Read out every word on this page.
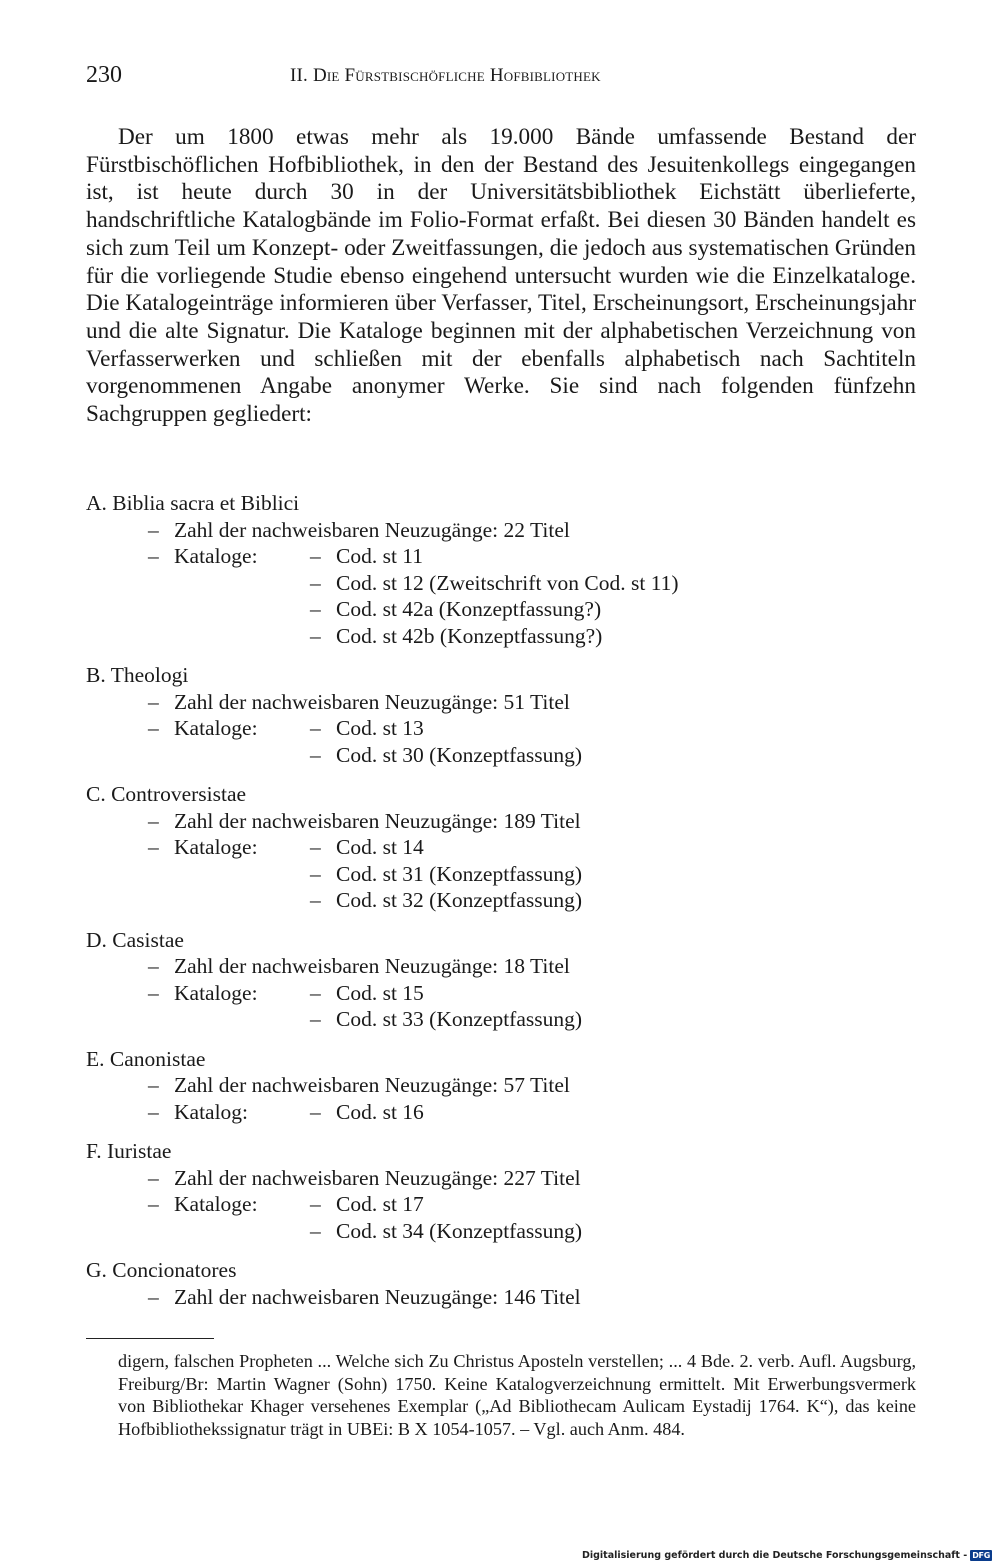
230	II. Die Fürstbischöfliche Hofbibliothek

Der um 1800 etwas mehr als 19.000 Bände umfassende Bestand der Fürstbischöflichen Hofbibliothek, in den der Bestand des Jesuitenkollegs eingegangen ist, ist heute durch 30 in der Universitätsbibliothek Eichstätt überlieferte, handschriftliche Katalogbände im Folio-Format erfaßt. Bei diesen 30 Bänden handelt es sich zum Teil um Konzept- oder Zweitfassungen, die jedoch aus systematischen Gründen für die vorliegende Studie ebenso eingehend untersucht wurden wie die Einzelkataloge. Die Katalogeinträge informieren über Verfasser, Titel, Erscheinungsort, Erscheinungsjahr und die alte Signatur. Die Kataloge beginnen mit der alphabetischen Verzeichnung von Verfasserwerken und schließen mit der ebenfalls alphabetisch nach Sachtiteln vorgenommenen Angabe anonymer Werke. Sie sind nach folgenden fünfzehn Sachgruppen gegliedert:

A. Biblia sacra et Biblici
– Zahl der nachweisbaren Neuzugänge: 22 Titel
– Kataloge: – Cod. st 11
– Cod. st 12 (Zweitschrift von Cod. st 11)
– Cod. st 42a (Konzeptfassung?)
– Cod. st 42b (Konzeptfassung?)
B. Theologi
– Zahl der nachweisbaren Neuzugänge: 51 Titel
– Kataloge: – Cod. st 13
– Cod. st 30 (Konzeptfassung)
C. Controversistae
– Zahl der nachweisbaren Neuzugänge: 189 Titel
– Kataloge: – Cod. st 14
– Cod. st 31 (Konzeptfassung)
– Cod. st 32 (Konzeptfassung)
D. Casistae
– Zahl der nachweisbaren Neuzugänge: 18 Titel
– Kataloge: – Cod. st 15
– Cod. st 33 (Konzeptfassung)
E. Canonistae
– Zahl der nachweisbaren Neuzugänge: 57 Titel
– Katalog:	– Cod. st 16
F. Iuristae
– Zahl der nachweisbaren Neuzugänge: 227 Titel
– Kataloge: – Cod. st 17
– Cod. st 34 (Konzeptfassung)
G. Concionatores
– Zahl der nachweisbaren Neuzugänge: 146 Titel

digern, falschen Propheten ... Welche sich Zu Christus Aposteln verstellen; ... 4 Bde. 2. verb. Aufl. Augsburg, Freiburg/Br: Martin Wagner (Sohn) 1750. Keine Katalogverzeichnung ermittelt. Mit Erwerbungsvermerk von Bibliothekar Khager versehenes Exemplar („Ad Bibliothecam Aulicam Eystadij 1764. K“), das keine Hofbibliothekssignatur trägt in UBEi: B X 1054-1057. – Vgl. auch Anm. 484.

Digitalisierung gefördert durch die Deutsche Forschungsgemeinschaft - DFG
